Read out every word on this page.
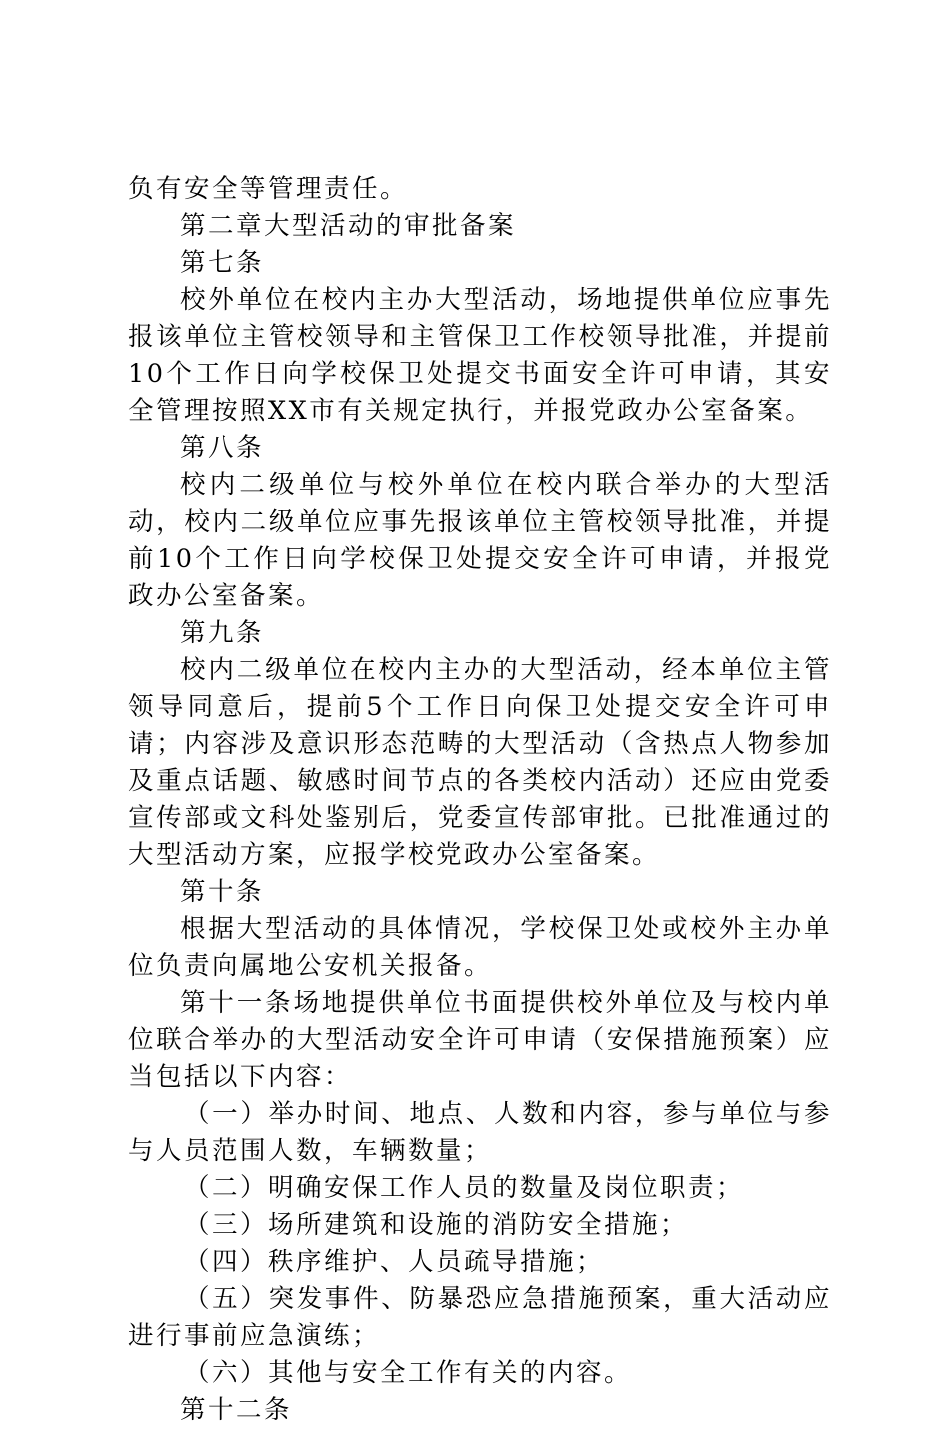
负有安全等管理责任。

第二章大型活动的审批备案

第七条

校外单位在校内主办大型活动，场地提供单位应事先报该单位主管校领导和主管保卫工作校领导批准，并提前10个工作日向学校保卫处提交书面安全许可申请，其安全管理按照XX市有关规定执行，并报党政办公室备案。

第八条

校内二级单位与校外单位在校内联合举办的大型活动，校内二级单位应事先报该单位主管校领导批准，并提前10个工作日向学校保卫处提交安全许可申请，并报党政办公室备案。

第九条

校内二级单位在校内主办的大型活动，经本单位主管领导同意后，提前5个工作日向保卫处提交安全许可申请；内容涉及意识形态范畴的大型活动（含热点人物参加及重点话题、敏感时间节点的各类校内活动）还应由党委宣传部或文科处鉴别后，党委宣传部审批。已批准通过的大型活动方案，应报学校党政办公室备案。

第十条

根据大型活动的具体情况，学校保卫处或校外主办单位负责向属地公安机关报备。

第十一条场地提供单位书面提供校外单位及与校内单位联合举办的大型活动安全许可申请（安保措施预案）应当包括以下内容：

（一）举办时间、地点、人数和内容，参与单位与参与人员范围人数，车辆数量；

（二）明确安保工作人员的数量及岗位职责；

（三）场所建筑和设施的消防安全措施；

（四）秩序维护、人员疏导措施；

（五）突发事件、防暴恐应急措施预案，重大活动应进行事前应急演练；

（六）其他与安全工作有关的内容。

第十二条
